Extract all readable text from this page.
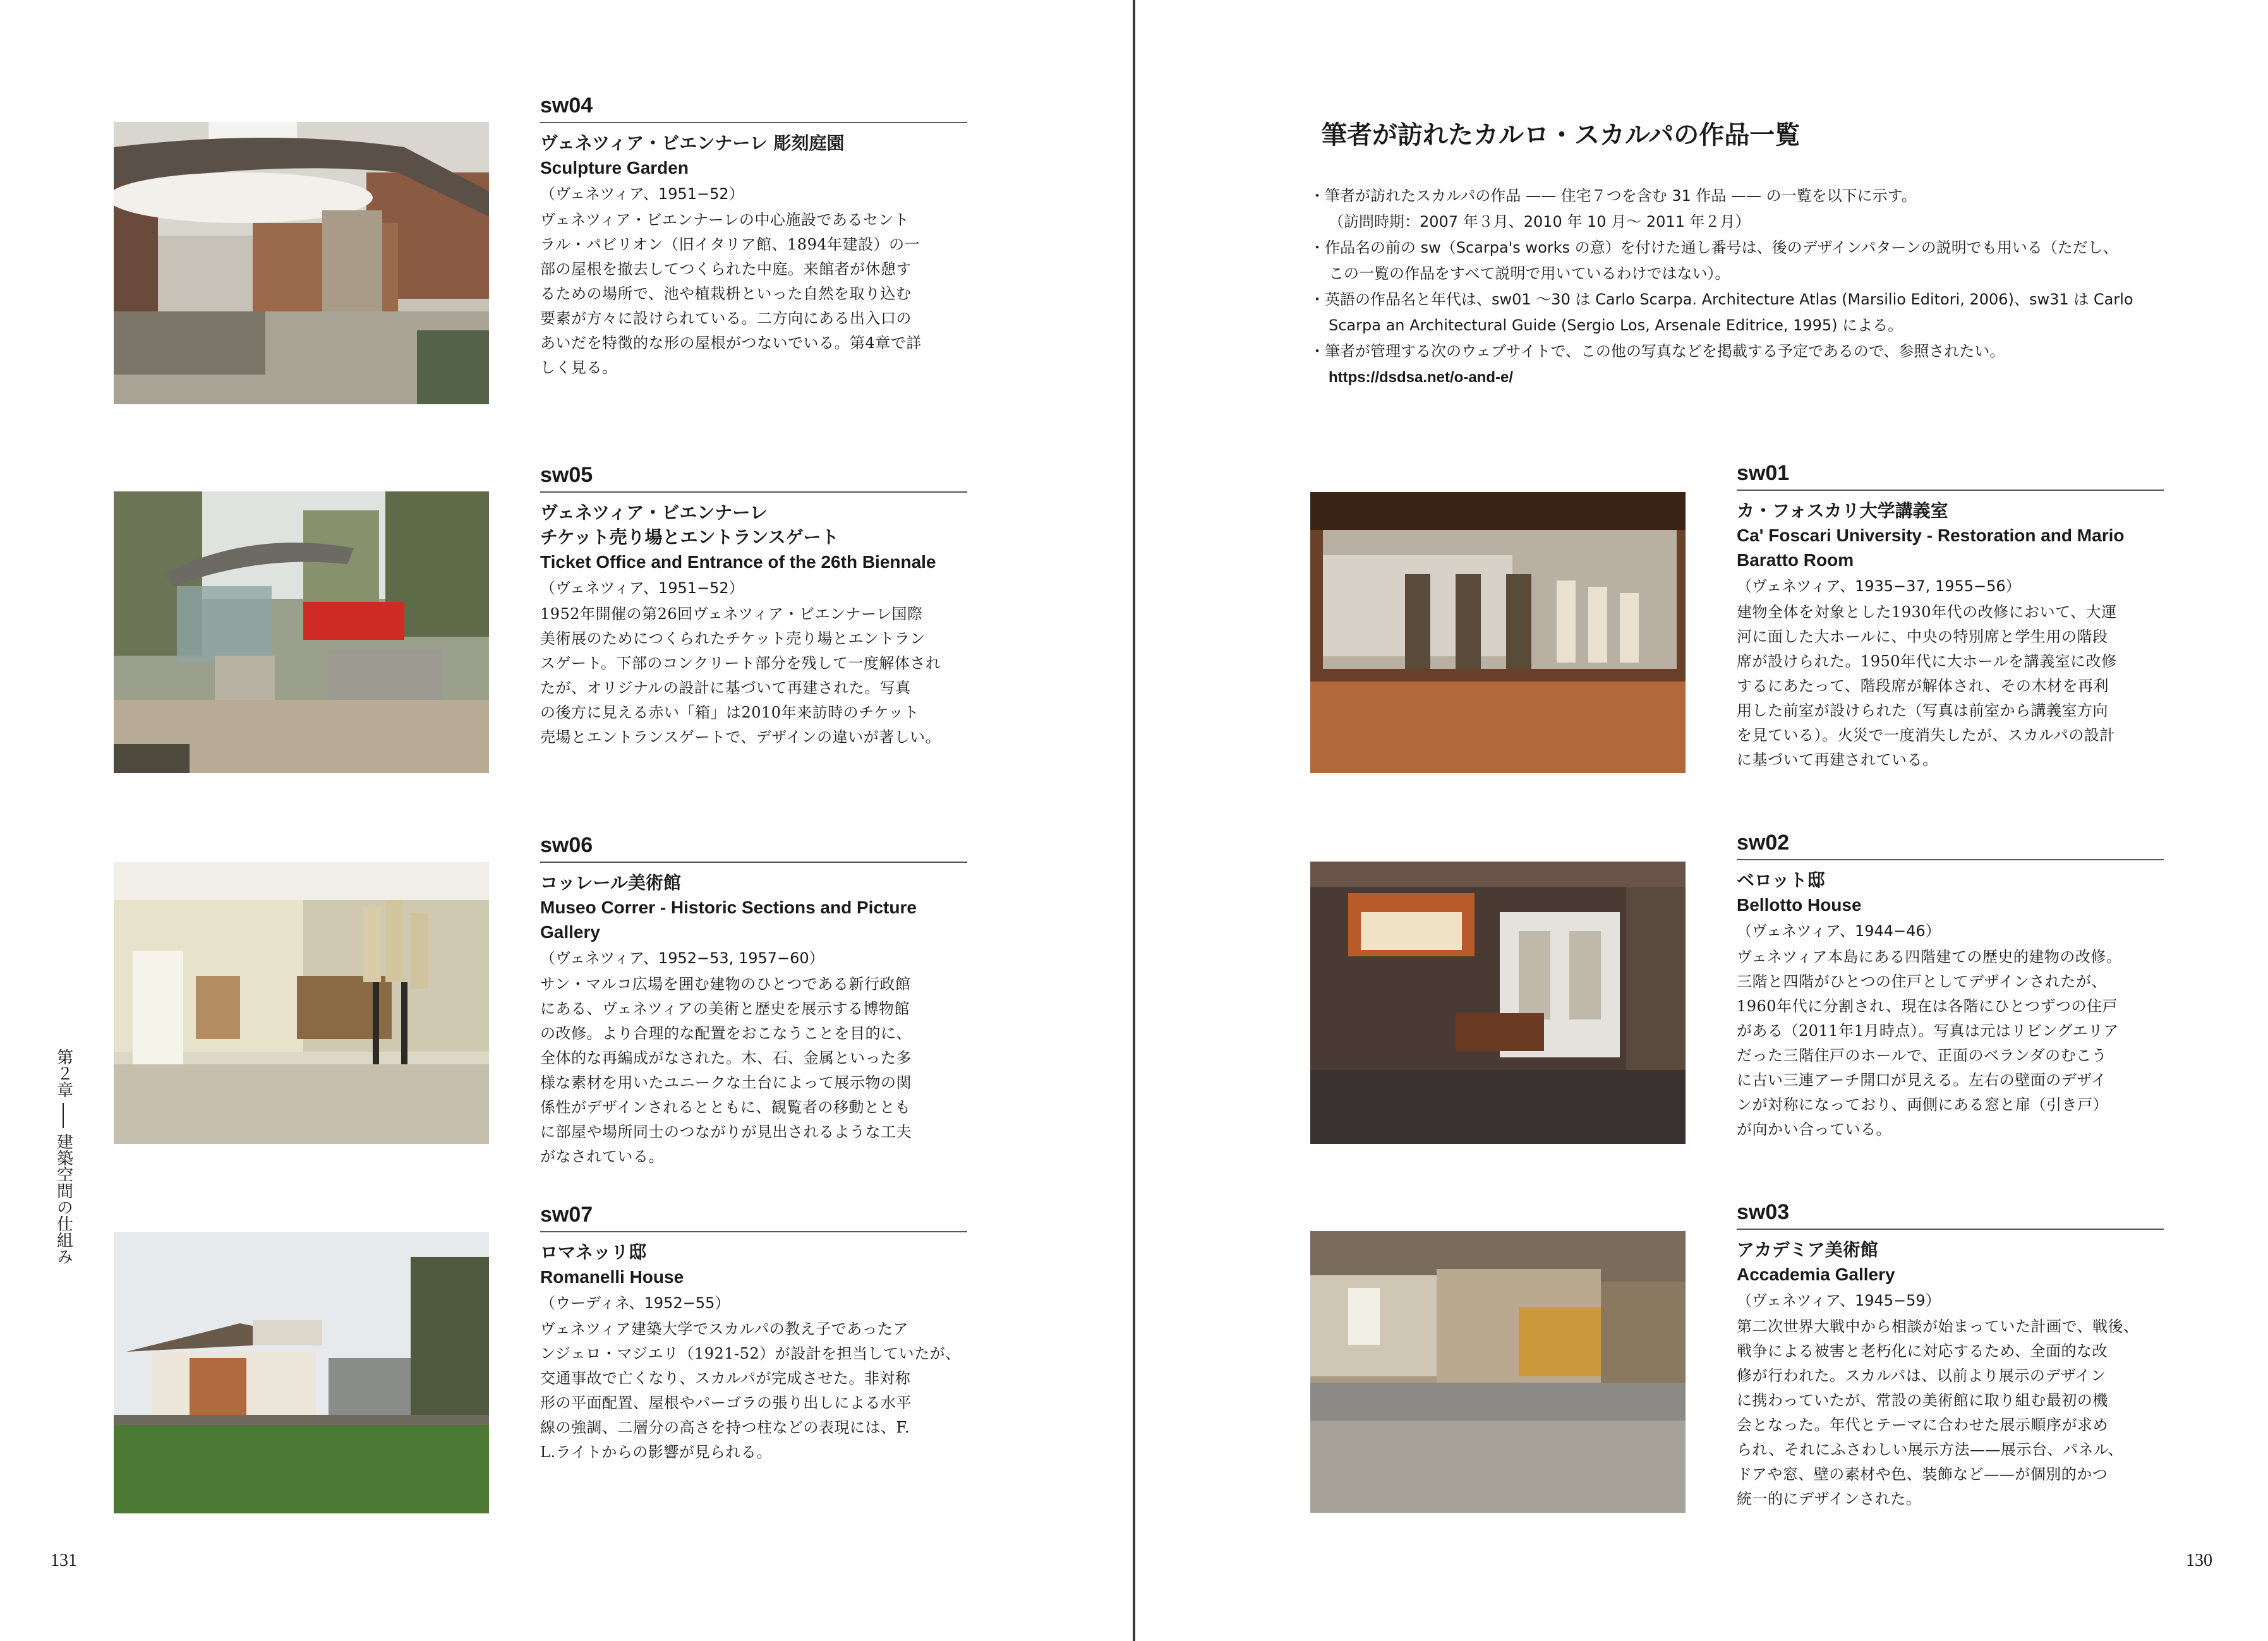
sw04
ヴェネツィア・ビエンナーレ 彫刻庭園
Sculpture Garden
（ヴェネツィア、1951−52）
ヴェネツィア・ビエンナーレの中心施設であるセント
ラル・パビリオン（旧イタリア館、1894年建設）の一
部の屋根を撤去してつくられた中庭。来館者が休憩す
るための場所で、池や植栽枡といった自然を取り込む
要素が方々に設けられている。二方向にある出入口の
あいだを特徴的な形の屋根がつないでいる。第4章で詳
しく見る。
sw05
ヴェネツィア・ビエンナーレ
チケット売り場とエントランスゲート
Ticket Office and Entrance of the 26th Biennale
（ヴェネツィア、1951−52）
1952年開催の第26回ヴェネツィア・ビエンナーレ国際
美術展のためにつくられたチケット売り場とエントラン
スゲート。下部のコンクリート部分を残して一度解体され
たが、オリジナルの設計に基づいて再建された。写真
の後方に見える赤い「箱」は2010年来訪時のチケット
売場とエントランスゲートで、デザインの違いが著しい。
sw06
コッレール美術館
Museo Correr - Historic Sections and Picture
Gallery
（ヴェネツィア、1952−53, 1957−60）
サン・マルコ広場を囲む建物のひとつである新行政館
にある、ヴェネツィアの美術と歴史を展示する博物館
の改修。より合理的な配置をおこなうことを目的に、
全体的な再編成がなされた。木、石、金属といった多
様な素材を用いたユニークな土台によって展示物の関
係性がデザインされるとともに、観覧者の移動ととも
に部屋や場所同士のつながりが見出されるような工夫
がなされている。
sw07
ロマネッリ邸
Romanelli House
（ウーディネ、1952−55）
ヴェネツィア建築大学でスカルパの教え子であったア
ンジェロ・マジエリ（1921-52）が設計を担当していたが、
交通事故で亡くなり、スカルパが完成させた。非対称
形の平面配置、屋根やパーゴラの張り出しによる水平
線の強調、二層分の高さを持つ柱などの表現には、F.
L.ライトからの影響が見られる。
第２章
建築空間の仕組み
131
筆者が訪れたカルロ・スカルパの作品一覧

・筆者が訪れたスカルパの作品 —— 住宅７つを含む 31 作品 —— の一覧を以下に示す。
（訪問時期：2007 年３月、2010 年 10 月〜 2011 年２月）

・作品名の前の sw（Scarpa's works の意）を付けた通し番号は、後のデザインパターンの説明でも用いる（ただし、
この一覧の作品をすべて説明で用いているわけではない）。

・英語の作品名と年代は、sw01 〜30 は Carlo Scarpa. Architecture Atlas (Marsilio Editori, 2006)、sw31 は Carlo
Scarpa an Architectural Guide (Sergio Los, Arsenale Editrice, 1995) による。

・筆者が管理する次のウェブサイトで、この他の写真などを掲載する予定であるので、参照されたい。

https://dsdsa.net/o-and-e/
sw01
カ・フォスカリ大学講義室
Ca' Foscari University - Restoration and Mario
Baratto Room
（ヴェネツィア、1935−37, 1955−56）
建物全体を対象とした1930年代の改修において、大運
河に面した大ホールに、中央の特別席と学生用の階段
席が設けられた。1950年代に大ホールを講義室に改修
するにあたって、階段席が解体され、その木材を再利
用した前室が設けられた（写真は前室から講義室方向
を見ている）。火災で一度消失したが、スカルパの設計
に基づいて再建されている。
sw02
ベロット邸
Bellotto House
（ヴェネツィア、1944−46）
ヴェネツィア本島にある四階建ての歴史的建物の改修。
三階と四階がひとつの住戸としてデザインされたが、
1960年代に分割され、現在は各階にひとつずつの住戸
がある（2011年1月時点）。写真は元はリビングエリア
だった三階住戸のホールで、正面のベランダのむこう
に古い三連アーチ開口が見える。左右の壁面のデザイ
ンが対称になっており、両側にある窓と扉（引き戸）
が向かい合っている。
sw03
アカデミア美術館
Accademia Gallery
（ヴェネツィア、1945−59）
第二次世界大戦中から相談が始まっていた計画で、戦後、
戦争による被害と老朽化に対応するため、全面的な改
修が行われた。スカルパは、以前より展示のデザイン
に携わっていたが、常設の美術館に取り組む最初の機
会となった。年代とテーマに合わせた展示順序が求め
られ、それにふさわしい展示方法——展示台、パネル、
ドアや窓、壁の素材や色、装飾など——が個別的かつ
統一的にデザインされた。
130
